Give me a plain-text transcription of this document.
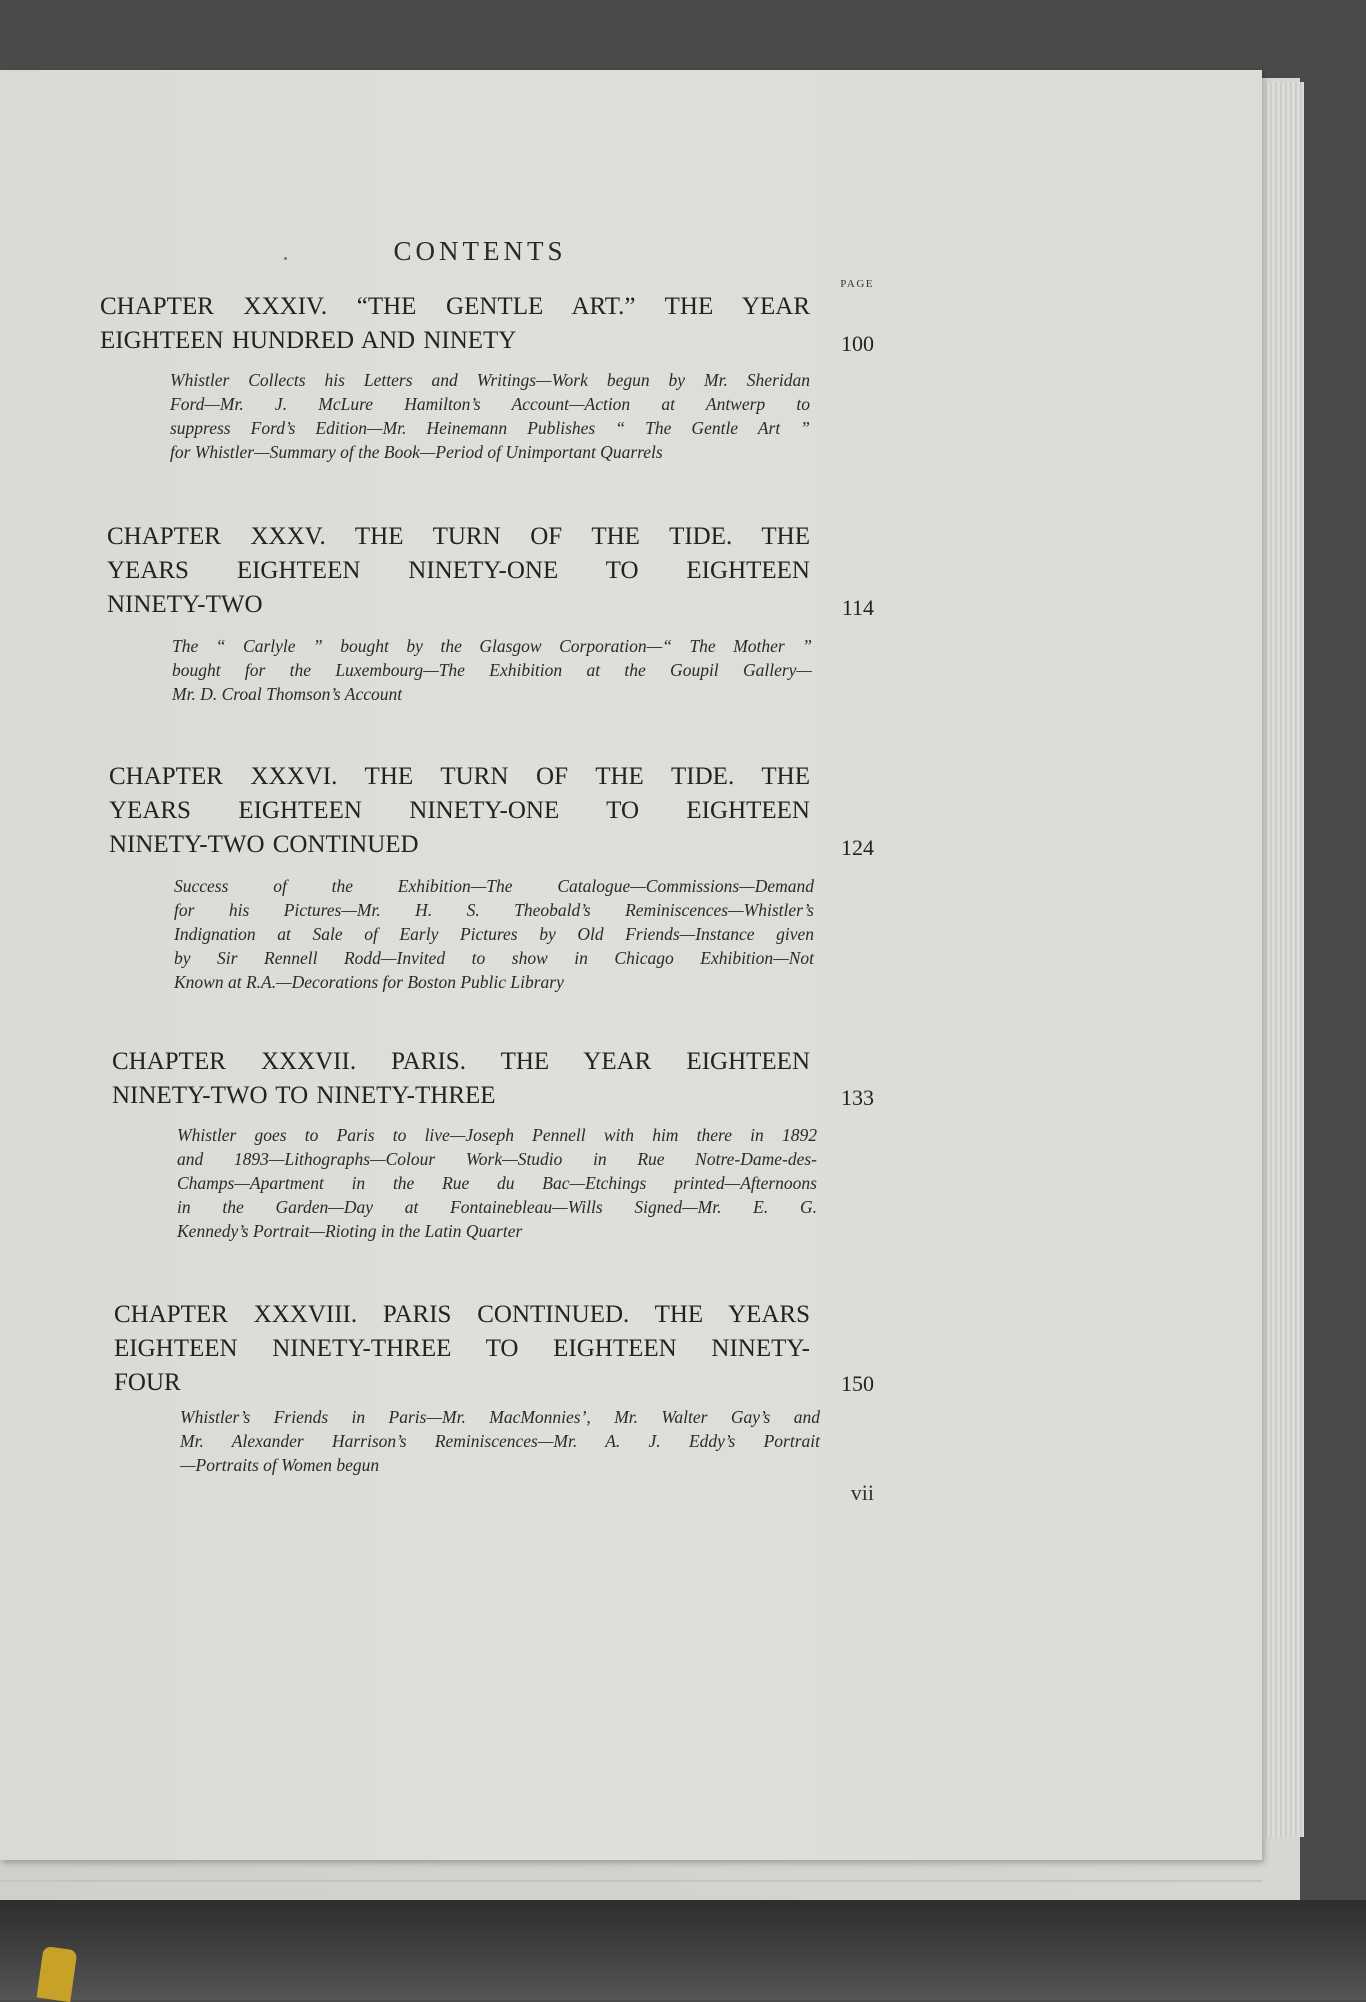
CONTENTS
PAGE
CHAPTER XXXIV. “THE GENTLE ART.” THE YEAR
EIGHTEEN HUNDRED AND NINETY	100
Whistler Collects his Letters and Writings—Work begun by Mr. Sheridan
Ford—Mr. J. McLure Hamilton’s Account—Action at Antwerp to
suppress Ford’s Edition—Mr. Heinemann Publishes “ The Gentle Art ”
for Whistler—Summary of the Book—Period of Unimportant Quarrels
CHAPTER XXXV. THE TURN OF THE TIDE. THE
YEARS EIGHTEEN NINETY-ONE TO EIGHTEEN
NINETY-TWO	114
The “ Carlyle ” bought by the Glasgow Corporation—“ The Mother ”
bought for the Luxembourg—The Exhibition at the Goupil Gallery—
Mr. D. Croal Thomson’s Account
CHAPTER XXXVI. THE TURN OF THE TIDE. THE
YEARS EIGHTEEN NINETY-ONE TO EIGHTEEN
NINETY-TWO CONTINUED	124
Success of the Exhibition—The Catalogue—Commissions—Demand
for his Pictures—Mr. H. S. Theobald’s Reminiscences—Whistler’s
Indignation at Sale of Early Pictures by Old Friends—Instance given
by Sir Rennell Rodd—Invited to show in Chicago Exhibition—Not
Known at R.A.—Decorations for Boston Public Library
CHAPTER XXXVII. PARIS. THE YEAR EIGHTEEN
NINETY-TWO TO NINETY-THREE	133
Whistler goes to Paris to live—Joseph Pennell with him there in 1892
and 1893—Lithographs—Colour Work—Studio in Rue Notre-Dame-des-
Champs—Apartment in the Rue du Bac—Etchings printed—Afternoons
in the Garden—Day at Fontainebleau—Wills Signed—Mr. E. G.
Kennedy’s Portrait—Rioting in the Latin Quarter
CHAPTER XXXVIII. PARIS CONTINUED. THE YEARS
EIGHTEEN NINETY-THREE TO EIGHTEEN NINETY-
FOUR	150
Whistler’s Friends in Paris—Mr. MacMonnies’, Mr. Walter Gay’s and
Mr. Alexander Harrison’s Reminiscences—Mr. A. J. Eddy’s Portrait
—Portraits of Women begun
vii
